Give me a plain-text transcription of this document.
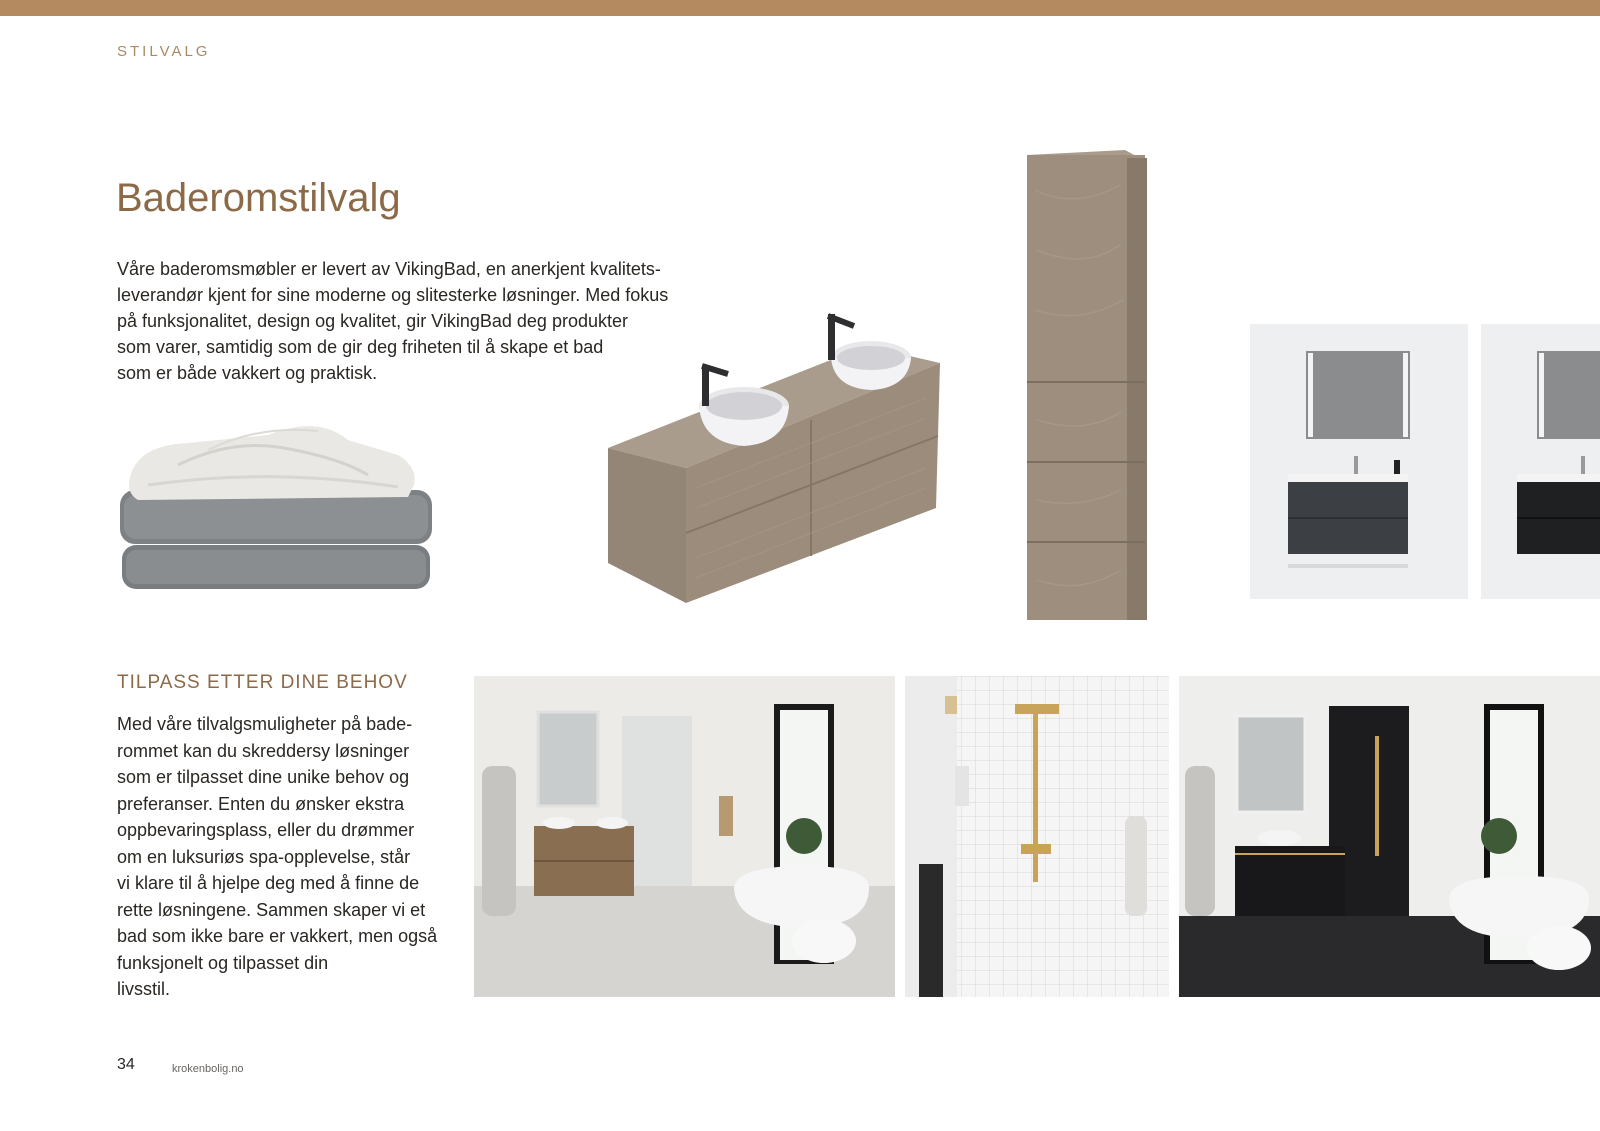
STILVALG
Baderomstilvalg

Våre baderomsmøbler er levert av VikingBad, en anerkjent kvalitets-
leverandør kjent for sine moderne og slitesterke løsninger. Med fokus
på funksjonalitet, design og kvalitet, gir VikingBad deg produkter
som varer, samtidig som de gir deg friheten til å skape et bad
som er både vakkert og praktisk.

TILPASS ETTER DINE BEHOV

Med våre tilvalgsmuligheter på bade-
rommet kan du skreddersy løsninger
som er tilpasset dine unike behov og
preferanser. Enten du ønsker ekstra
oppbevaringsplass, eller du drømmer
om en luksuriøs spa-opplevelse, står
vi klare til å hjelpe deg med å finne de
rette løsningene. Sammen skaper vi et
bad som ikke bare er vakkert, men også
funksjonelt og tilpasset din
livsstil.

34	krokenbolig.no
